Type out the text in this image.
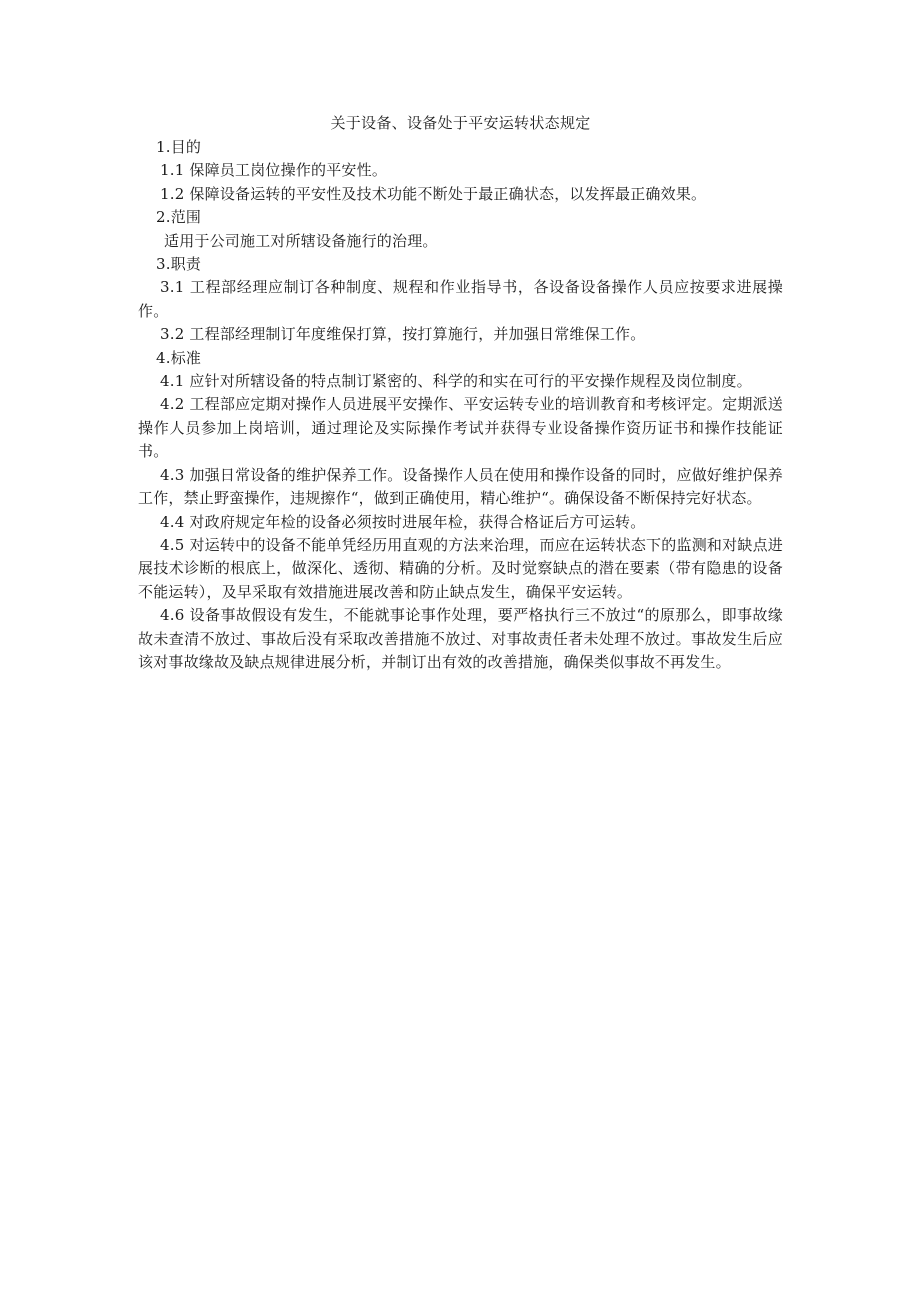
关于设备、设备处于平安运转状态规定

1.目的

1.1 保障员工岗位操作的平安性。

1.2 保障设备运转的平安性及技术功能不断处于最正确状态，以发挥最正确效果。

2.范围

适用于公司施工对所辖设备施行的治理。

3.职责

3.1 工程部经理应制订各种制度、规程和作业指导书，各设备设备操作人员应按要求进展操作。

3.2 工程部经理制订年度维保打算，按打算施行，并加强日常维保工作。

4.标准

4.1 应针对所辖设备的特点制订紧密的、科学的和实在可行的平安操作规程及岗位制度。

4.2 工程部应定期对操作人员进展平安操作、平安运转专业的培训教育和考核评定。定期派送操作人员参加上岗培训，通过理论及实际操作考试并获得专业设备操作资历证书和操作技能证书。

4.3 加强日常设备的维护保养工作。设备操作人员在使用和操作设备的同时，应做好维护保养工作，禁止野蛮操作，违规擦作“，做到正确使用，精心维护“。确保设备不断保持完好状态。

4.4 对政府规定年检的设备必须按时进展年检，获得合格证后方可运转。

4.5 对运转中的设备不能单凭经历用直观的方法来治理，而应在运转状态下的监测和对缺点进展技术诊断的根底上，做深化、透彻、精确的分析。及时觉察缺点的潜在要素（带有隐患的设备不能运转），及早采取有效措施进展改善和防止缺点发生，确保平安运转。

4.6 设备事故假设有发生，不能就事论事作处理，要严格执行三不放过“的原那么，即事故缘故未查清不放过、事故后没有采取改善措施不放过、对事故责任者未处理不放过。事故发生后应该对事故缘故及缺点规律进展分析，并制订出有效的改善措施，确保类似事故不再发生。
